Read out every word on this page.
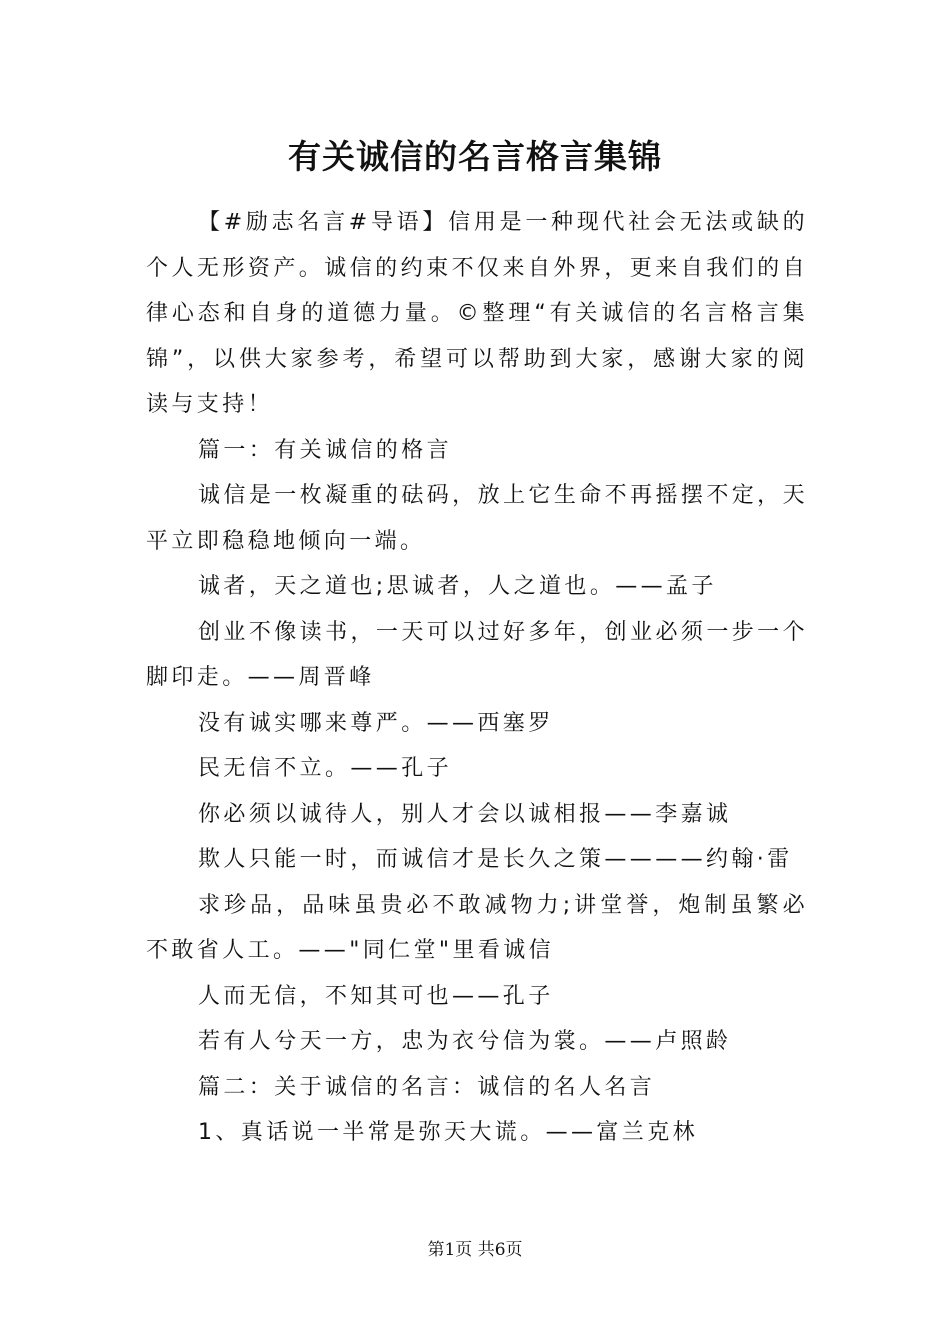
有关诚信的名言格言集锦

【#励志名言#导语】信用是一种现代社会无法或缺的个人无形资产。诚信的约束不仅来自外界，更来自我们的自律心态和自身的道德力量。©整理“有关诚信的名言格言集锦”，以供大家参考，希望可以帮助到大家，感谢大家的阅读与支持！

篇一：有关诚信的格言

诚信是一枚凝重的砝码，放上它生命不再摇摆不定，天平立即稳稳地倾向一端。

诚者，天之道也;思诚者，人之道也。——孟子

创业不像读书，一天可以过好多年，创业必须一步一个脚印走。——周晋峰

没有诚实哪来尊严。——西塞罗

民无信不立。——孔子

你必须以诚待人，别人才会以诚相报——李嘉诚

欺人只能一时，而诚信才是长久之策————约翰·雷

求珍品，品味虽贵必不敢减物力;讲堂誉，炮制虽繁必不敢省人工。——"同仁堂"里看诚信

人而无信，不知其可也——孔子

若有人兮天一方，忠为衣兮信为裳。——卢照龄

篇二：关于诚信的名言：诚信的名人名言

1、真话说一半常是弥天大谎。——富兰克林

第1页 共6页
